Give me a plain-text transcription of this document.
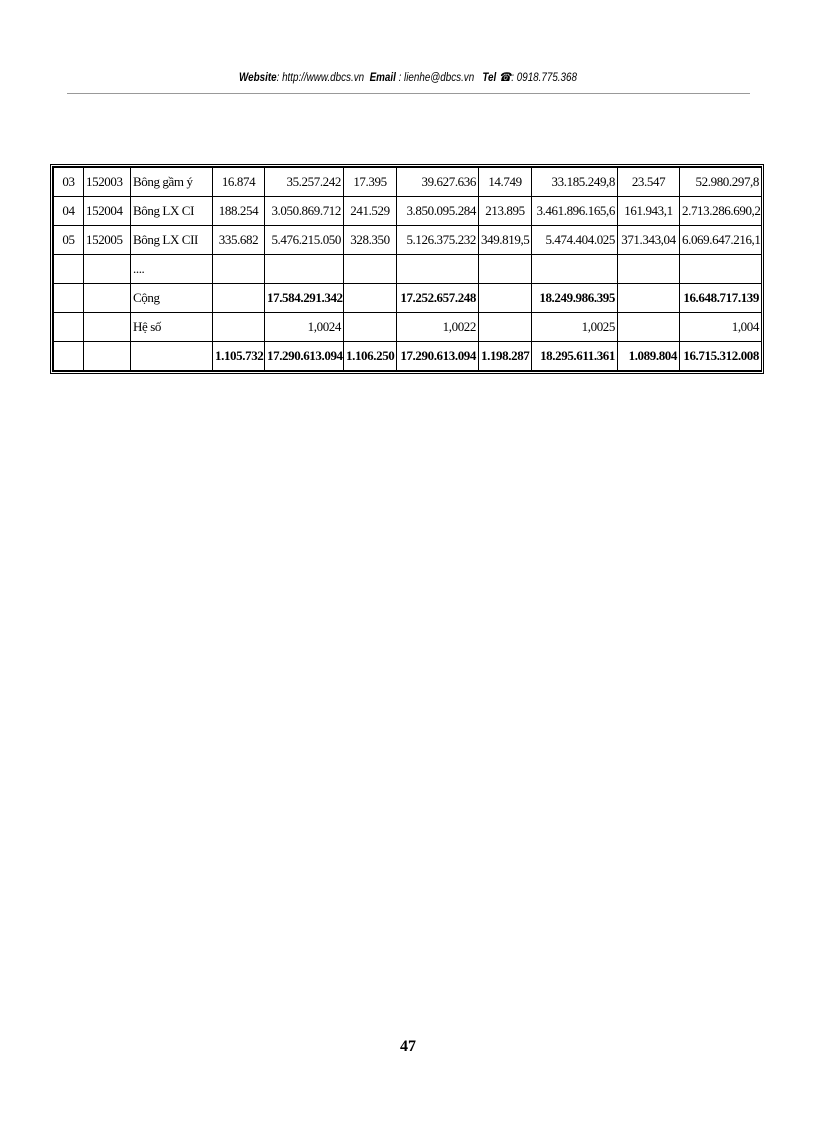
Website: http://www.dbcs.vn Email : lienhe@dbcs.vn Tel ☎: 0918.775.368
03	152003	Bông gầm ý	16.874	35.257.242	17.395	39.627.636	14.749	33.185.249,8	23.547	52.980.297,8
04	152004	Bông LX CI	188.254	3.050.869.712	241.529	3.850.095.284	213.895	3.461.896.165,6	161.943,1	2.713.286.690,2
05	152005	Bông LX CII	335.682	5.476.215.050	328.350	5.126.375.232	349.819,5	5.474.404.025	371.343,04	6.069.647.216,1
		....								
		Cộng		17.584.291.342		17.252.657.248		18.249.986.395		16.648.717.139
		Hệ số		1,0024		1,0022		1,0025		1,004
			1.105.732	17.290.613.094	1.106.250	17.290.613.094	1.198.287	18.295.611.361	1.089.804	16.715.312.008
47
